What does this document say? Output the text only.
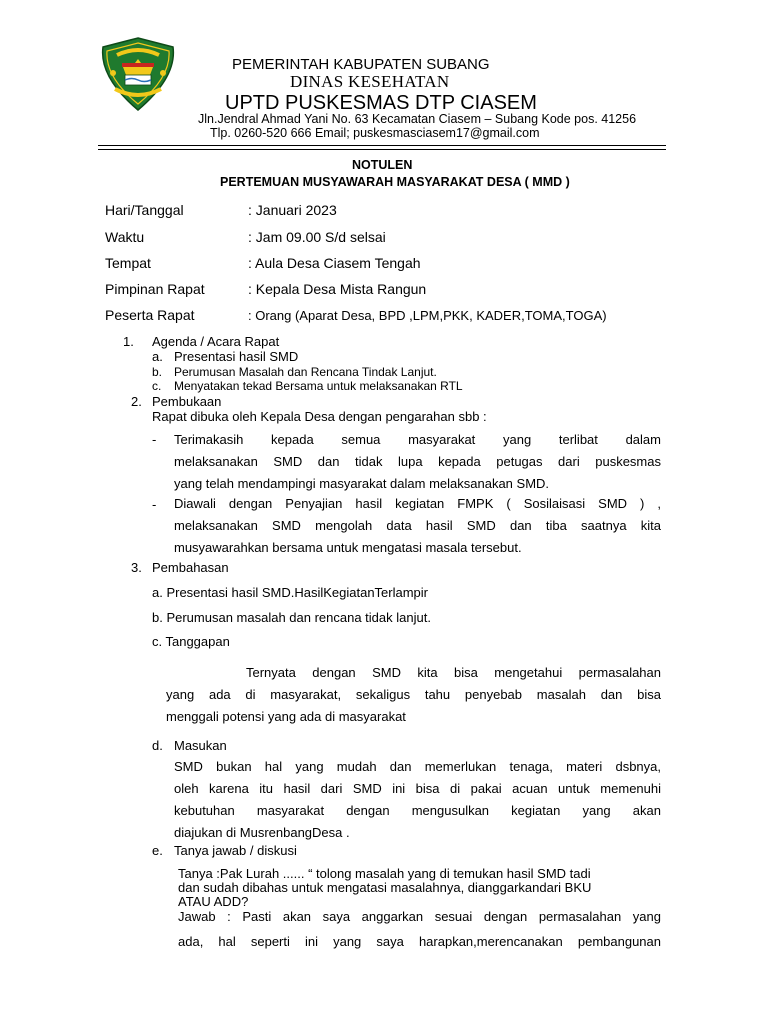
PEMERINTAH KABUPATEN SUBANG
DINAS KESEHATAN
UPTD PUSKESMAS DTP CIASEM
Jln.Jendral Ahmad Yani No. 63 Kecamatan Ciasem – Subang Kode pos. 41256
Tlp. 0260-520 666 Email; puskesmasciasem17@gmail.com
NOTULEN
PERTEMUAN MUSYAWARAH MASYARAKAT DESA ( MMD )
Hari/Tanggal	: Januari 2023
Waktu	: Jam 09.00 S/d selsai
Tempat	: Aula Desa Ciasem Tengah
Pimpinan Rapat	: Kepala Desa Mista Rangun
Peserta Rapat	: Orang (Aparat Desa, BPD ,LPM,PKK, KADER,TOMA,TOGA)
1. Agenda / Acara Rapat
a. Presentasi hasil SMD
b. Perumusan Masalah dan Rencana Tindak Lanjut.
c. Menyatakan tekad Bersama untuk melaksanakan RTL
2. Pembukaan
Rapat dibuka oleh Kepala Desa dengan pengarahan sbb :
- Terimakasih kepada semua masyarakat yang terlibat dalam
melaksanakan SMD dan tidak lupa kepada petugas dari puskesmas
yang telah mendampingi masyarakat dalam melaksanakan SMD.
- Diawali dengan Penyajian hasil kegiatan FMPK ( Sosilaisasi SMD ) ,
melaksanakan SMD mengolah data hasil SMD dan tiba saatnya kita
musyawarahkan bersama untuk mengatasi masala tersebut.
3. Pembahasan
a. Presentasi hasil SMD.HasilKegiatanTerlampir
b. Perumusan masalah dan rencana tidak lanjut.
c. Tanggapan
Ternyata dengan SMD kita bisa mengetahui permasalahan
yang ada di masyarakat, sekaligus tahu penyebab masalah dan bisa
menggali potensi yang ada di masyarakat
d. Masukan
SMD bukan hal yang mudah dan memerlukan tenaga, materi dsbnya,
oleh karena itu hasil dari SMD ini bisa di pakai acuan untuk memenuhi
kebutuhan masyarakat dengan mengusulkan kegiatan yang akan
diajukan di MusrenbangDesa .
e. Tanya jawab / diskusi
Tanya :Pak Lurah ...... “ tolong masalah yang di temukan hasil SMD tadi
dan sudah dibahas untuk mengatasi masalahnya, dianggarkandari BKU
ATAU ADD?
Jawab : Pasti akan saya anggarkan sesuai dengan permasalahan yang
ada, hal seperti ini yang saya harapkan,merencanakan pembangunan
